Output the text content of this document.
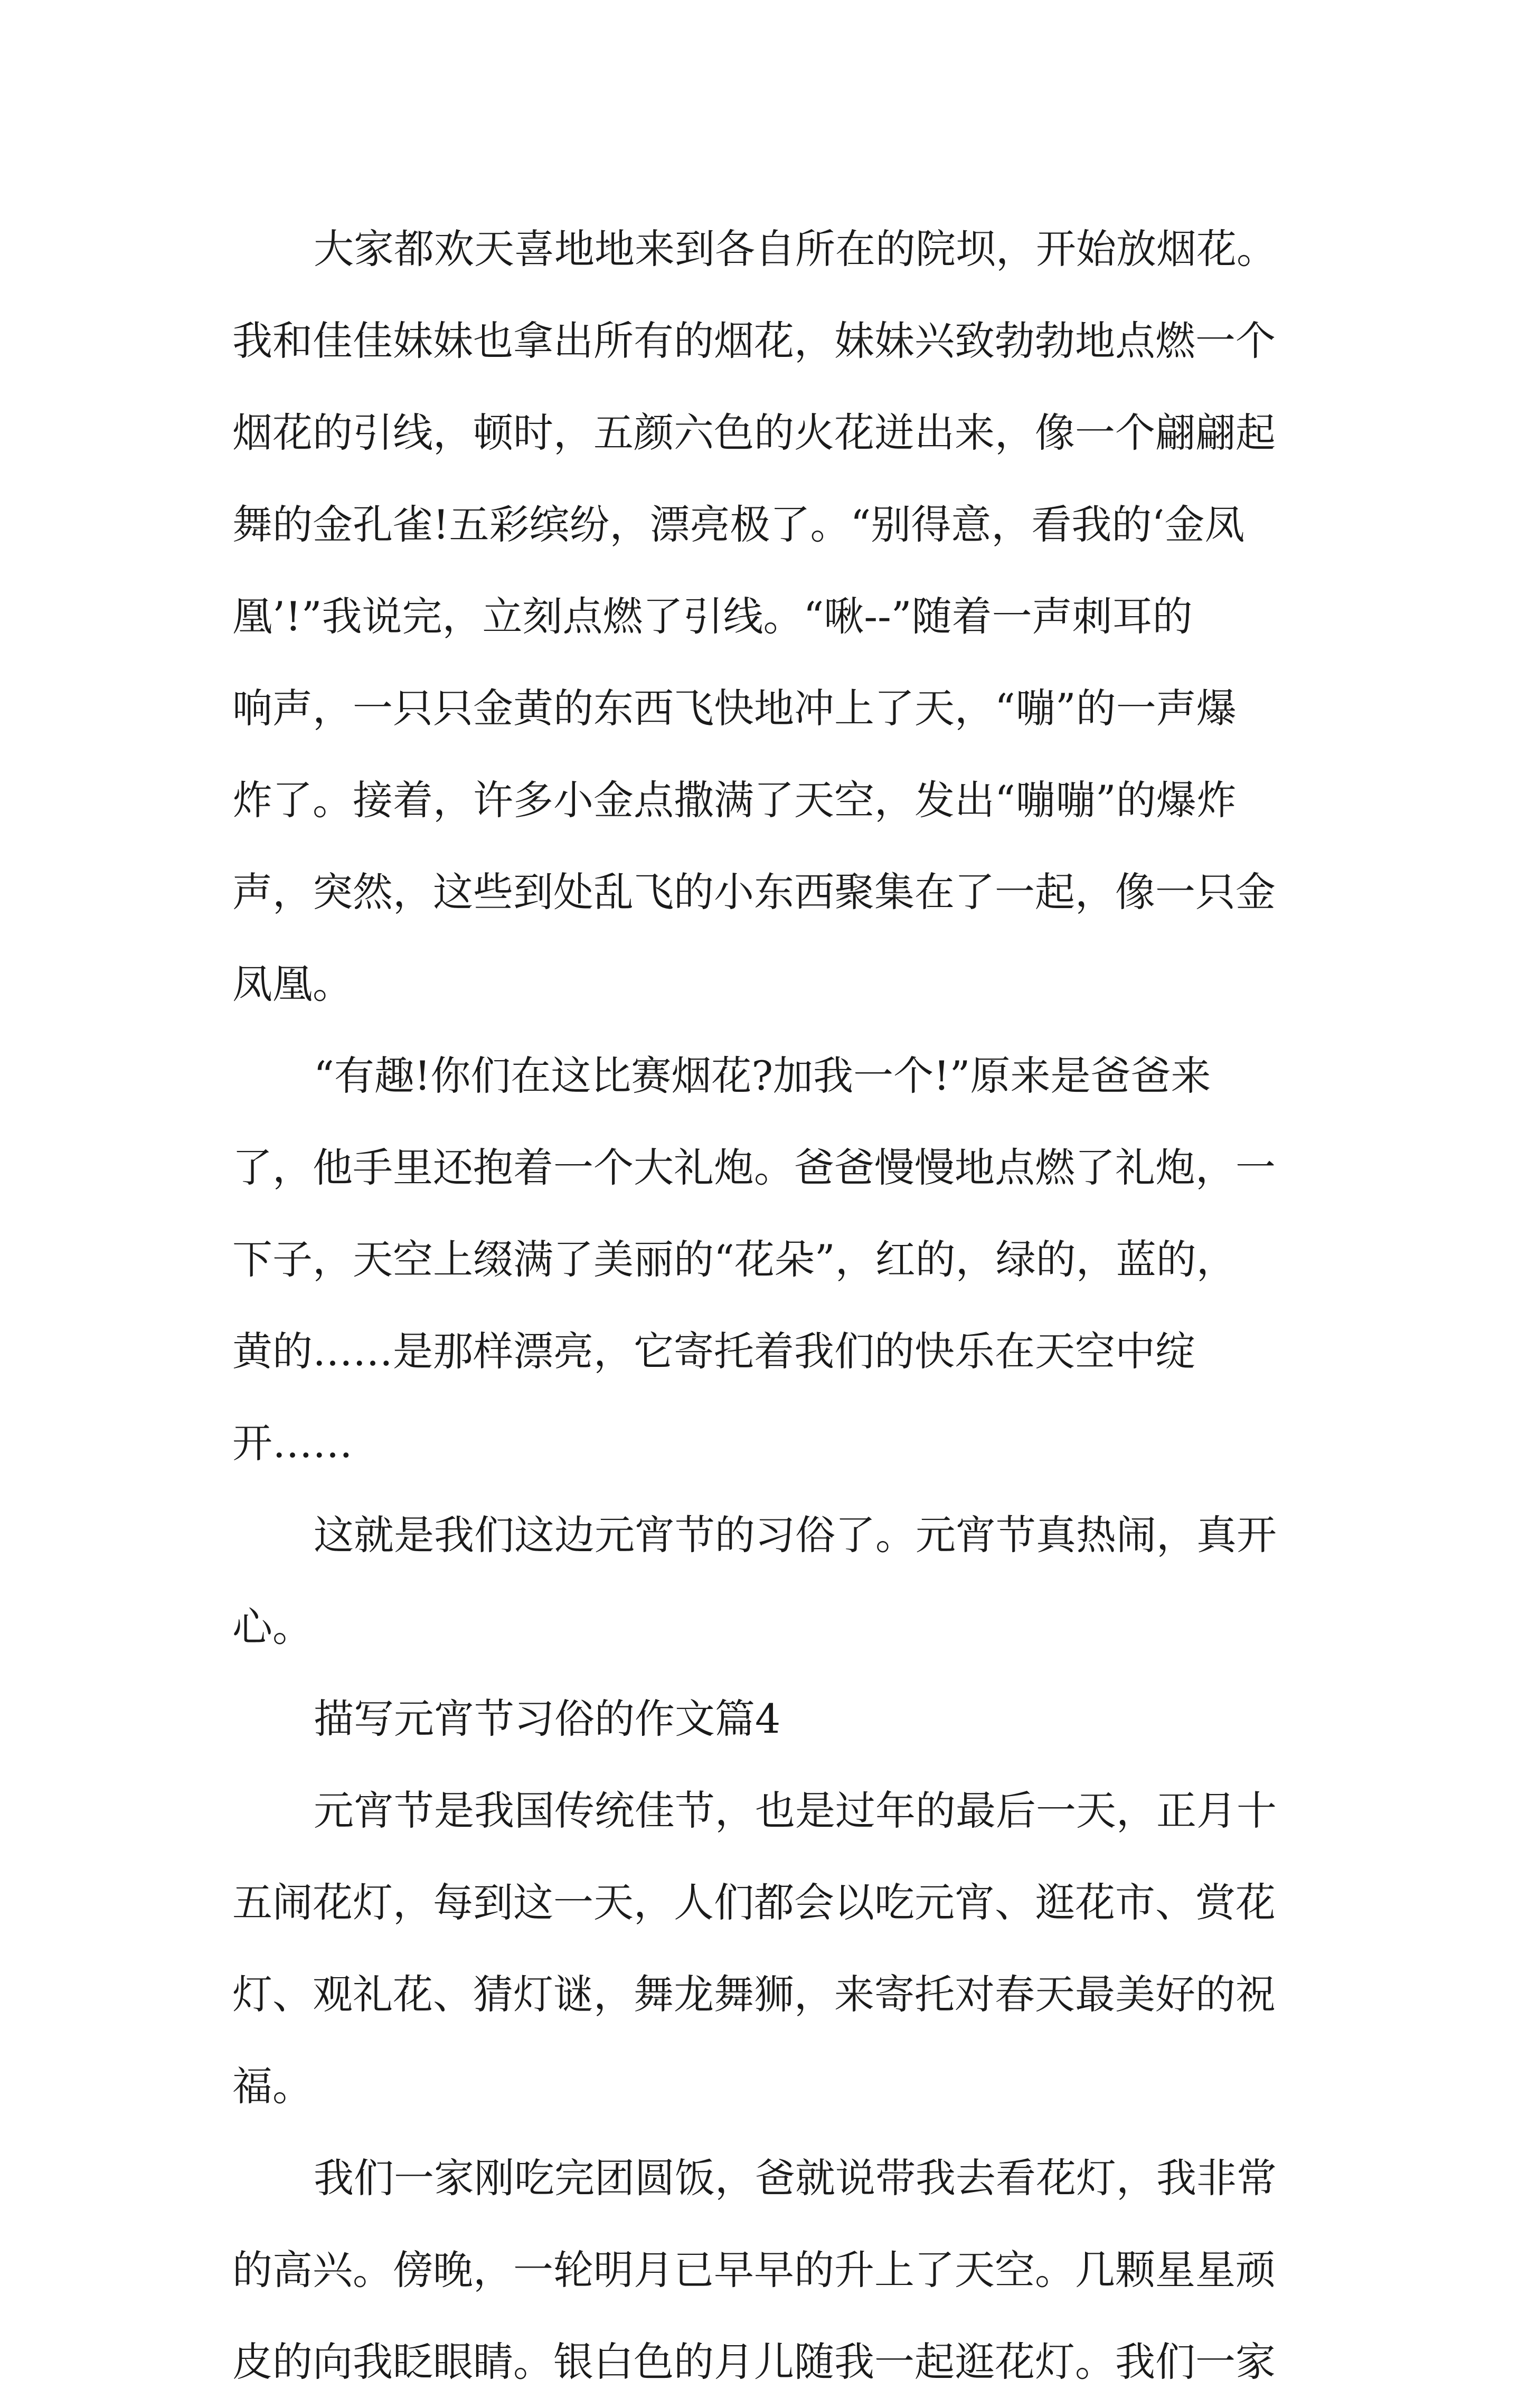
大家都欢天喜地地来到各自所在的院坝，开始放烟花。
我和佳佳妹妹也拿出所有的烟花，妹妹兴致勃勃地点燃一个
烟花的引线，顿时，五颜六色的火花迸出来，像一个翩翩起
舞的金孔雀!五彩缤纷，漂亮极了。“别得意，看我的‘金凤
凰’!”我说完，立刻点燃了引线。“啾--”随着一声刺耳的
响声，一只只金黄的东西飞快地冲上了天，“嘣”的一声爆
炸了。接着，许多小金点撒满了天空，发出“嘣嘣”的爆炸
声，突然，这些到处乱飞的小东西聚集在了一起，像一只金
凤凰。
“有趣!你们在这比赛烟花?加我一个!”原来是爸爸来
了，他手里还抱着一个大礼炮。爸爸慢慢地点燃了礼炮，一
下子，天空上缀满了美丽的“花朵”，红的，绿的，蓝的，
黄的……是那样漂亮，它寄托着我们的快乐在天空中绽
开……
这就是我们这边元宵节的习俗了。元宵节真热闹，真开
心。
描写元宵节习俗的作文篇4
元宵节是我国传统佳节，也是过年的最后一天，正月十
五闹花灯，每到这一天，人们都会以吃元宵、逛花市、赏花
灯、观礼花、猜灯谜，舞龙舞狮，来寄托对春天最美好的祝
福。
我们一家刚吃完团圆饭，爸就说带我去看花灯，我非常
的高兴。傍晚，一轮明月已早早的升上了天空。几颗星星顽
皮的向我眨眼睛。银白色的月儿随我一起逛花灯。我们一家
